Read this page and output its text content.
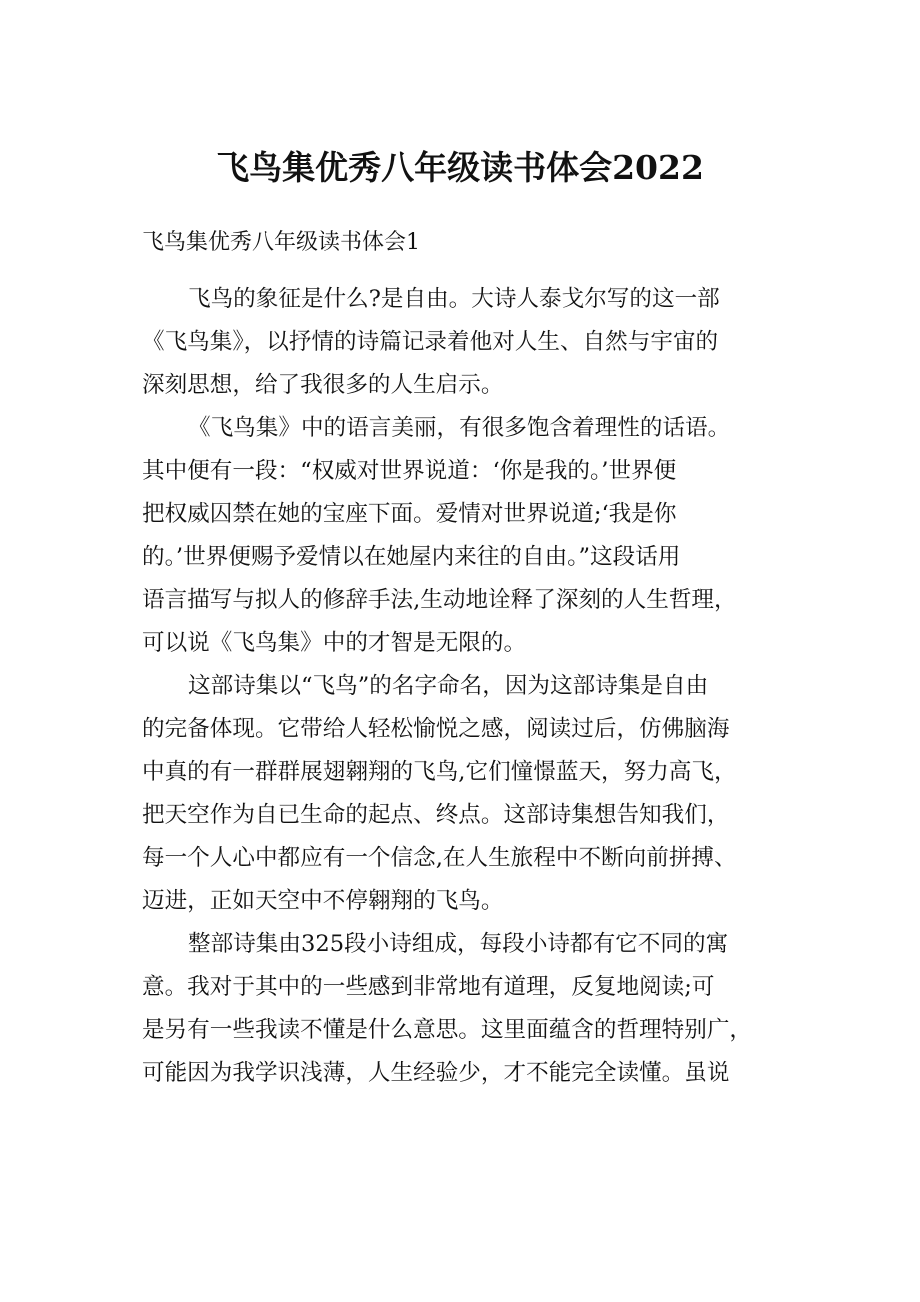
飞鸟集优秀八年级读书体会2022

飞鸟集优秀八年级读书体会1

飞鸟的象征是什么?是自由。大诗人泰戈尔写的这一部
《飞鸟集》，以抒情的诗篇记录着他对人生、自然与宇宙的
深刻思想，给了我很多的人生启示。
《飞鸟集》中的语言美丽，有很多饱含着理性的话语。
其中便有一段：“权威对世界说道：‘你是我的。’世界便
把权威囚禁在她的宝座下面。爱情对世界说道;‘我是你
的。’世界便赐予爱情以在她屋内来往的自由。”这段话用
语言描写与拟人的修辞手法,生动地诠释了深刻的人生哲理，
可以说《飞鸟集》中的才智是无限的。
这部诗集以“飞鸟”的名字命名，因为这部诗集是自由
的完备体现。它带给人轻松愉悦之感，阅读过后，仿佛脑海
中真的有一群群展翅翱翔的飞鸟,它们憧憬蓝天，努力高飞，
把天空作为自已生命的起点、终点。这部诗集想告知我们，
每一个人心中都应有一个信念,在人生旅程中不断向前拼搏、
迈进，正如天空中不停翱翔的飞鸟。
整部诗集由325段小诗组成，每段小诗都有它不同的寓
意。我对于其中的一些感到非常地有道理，反复地阅读;可
是另有一些我读不懂是什么意思。这里面蕴含的哲理特别广，
可能因为我学识浅薄，人生经验少，才不能完全读懂。虽说
